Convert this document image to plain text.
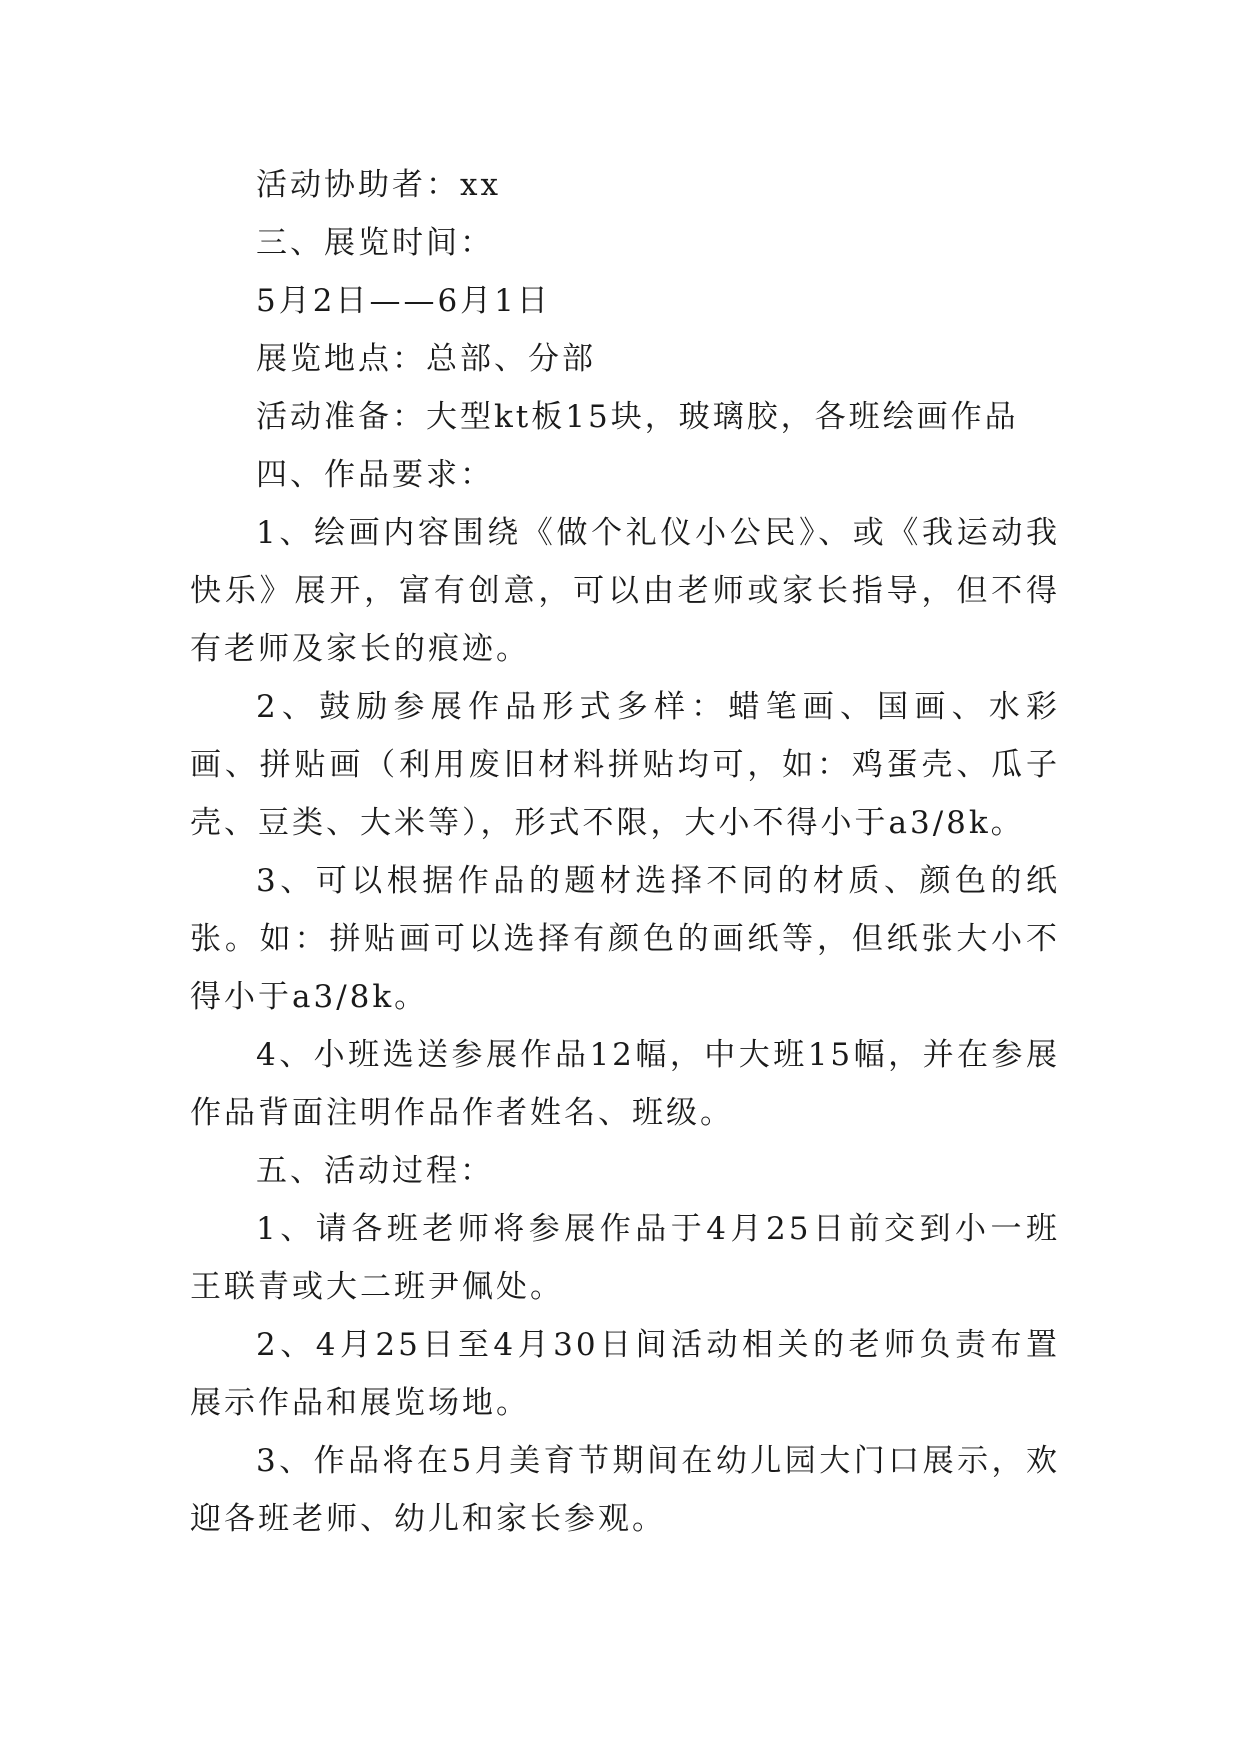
活动协助者：xx

三、展览时间：

5月2日——6月1日

展览地点：总部、分部

活动准备：大型kt板15块，玻璃胶，各班绘画作品

四、作品要求：

1、绘画内容围绕《做个礼仪小公民》、或《我运动我快乐》展开，富有创意，可以由老师或家长指导，但不得有老师及家长的痕迹。

2、鼓励参展作品形式多样：蜡笔画、国画、水彩画、拼贴画（利用废旧材料拼贴均可，如：鸡蛋壳、瓜子壳、豆类、大米等），形式不限，大小不得小于a3/8k。

3、可以根据作品的题材选择不同的材质、颜色的纸张。如：拼贴画可以选择有颜色的画纸等，但纸张大小不得小于a3/8k。

4、小班选送参展作品12幅，中大班15幅，并在参展作品背面注明作品作者姓名、班级。

五、活动过程：

1、请各班老师将参展作品于4月25日前交到小一班王联青或大二班尹佩处。

2、4月25日至4月30日间活动相关的老师负责布置展示作品和展览场地。

3、作品将在5月美育节期间在幼儿园大门口展示，欢迎各班老师、幼儿和家长参观。
